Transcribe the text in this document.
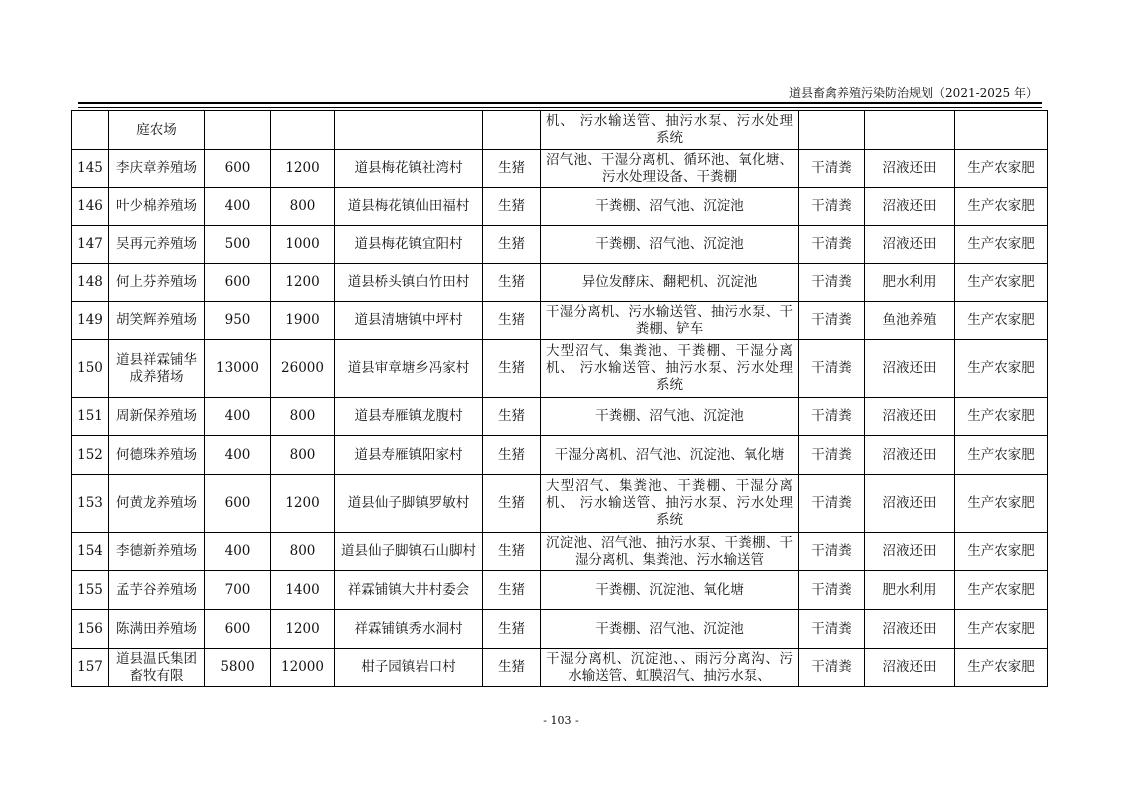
道县畜禽养殖污染防治规划（2021-2025 年）
	庭农场					机、 污水输送管、抽污水泵、污水处理系统			
145	李庆章养殖场	600	1200	道县梅花镇社湾村	生猪	沼气池、干湿分离机、循环池、氧化塘、污水处理设备、干粪棚	干清粪	沼液还田	生产农家肥
146	叶少棉养殖场	400	800	道县梅花镇仙田福村	生猪	干粪棚、沼气池、沉淀池	干清粪	沼液还田	生产农家肥
147	吴再元养殖场	500	1000	道县梅花镇宜阳村	生猪	干粪棚、沼气池、沉淀池	干清粪	沼液还田	生产农家肥
148	何上芬养殖场	600	1200	道县桥头镇白竹田村	生猪	异位发酵床、翻耙机、沉淀池	干清粪	肥水利用	生产农家肥
149	胡笑辉养殖场	950	1900	道县清塘镇中坪村	生猪	干湿分离机、污水输送管、抽污水泵、干 粪棚、铲车	干清粪	鱼池养殖	生产农家肥
150	道县祥霖铺华成养猪场	13000	26000	道县审章塘乡冯家村	生猪	大型沼气、集粪池、干粪棚、干湿分离机、 污水输送管、抽污水泵、污水处理系统	干清粪	沼液还田	生产农家肥
151	周新保养殖场	400	800	道县寿雁镇龙腹村	生猪	干粪棚、沼气池、沉淀池	干清粪	沼液还田	生产农家肥
152	何德珠养殖场	400	800	道县寿雁镇阳家村	生猪	干湿分离机、沼气池、沉淀池、氧化塘	干清粪	沼液还田	生产农家肥
153	何黄龙养殖场	600	1200	道县仙子脚镇罗敏村	生猪	大型沼气、集粪池、干粪棚、干湿分离机、 污水输送管、抽污水泵、污水处理系统	干清粪	沼液还田	生产农家肥
154	李德新养殖场	400	800	道县仙子脚镇石山脚村	生猪	沉淀池、沼气池、抽污水泵、干粪棚、干 湿分离机、集粪池、污水输送管	干清粪	沼液还田	生产农家肥
155	孟芋谷养殖场	700	1400	祥霖铺镇大井村委会	生猪	干粪棚、沉淀池、氧化塘	干清粪	肥水利用	生产农家肥
156	陈满田养殖场	600	1200	祥霖铺镇秀水洞村	生猪	干粪棚、沼气池、沉淀池	干清粪	沼液还田	生产农家肥
157	道县温氏集团畜牧有限	5800	12000	柑子园镇岩口村	生猪	干湿分离机、沉淀池、、雨污分离沟、污 水输送管、虹膜沼气、抽污水泵、	干清粪	沼液还田	生产农家肥
- 103 -
